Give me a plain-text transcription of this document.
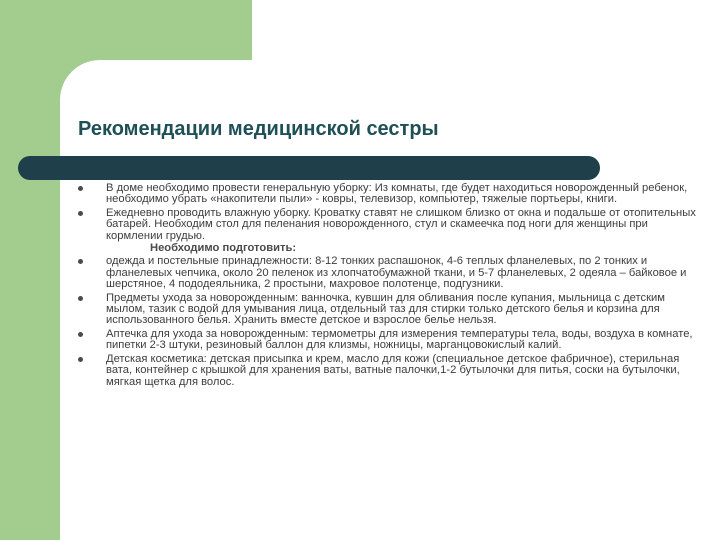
Рекомендации медицинской сестры
В доме необходимо провести генеральную уборку: Из комнаты, где будет находиться новорожденный ребенок, необходимо убрать «накопители пыли» - ковры, телевизор, компьютер, тяжелые портьеры, книги.
Ежедневно проводить влажную уборку. Кроватку ставят не слишком близко от окна и подальше от отопительных батарей. Необходим стол для пеленания новорожденного, стул и скамеечка под ноги для женщины при кормлении грудью.
Необходимо подготовить:
одежда и постельные принадлежности: 8-12 тонких распашонок, 4-6 теплых фланелевых, по 2 тонких и фланелевых чепчика, около 20 пеленок из хлопчатобумажной ткани, и 5-7 фланелевых, 2 одеяла – байковое и шерстяное, 4 пододеяльника, 2 простыни, махровое полотенце, подгузники.
Предметы ухода за новорожденным: ванночка, кувшин для обливания после купания, мыльница с детским мылом, тазик с водой для умывания лица, отдельный таз для стирки только детского белья и корзина для использованного белья. Хранить вместе детское и взрослое белье нельзя.
Аптечка для ухода за новорожденным: термометры для измерения температуры тела, воды, воздуха в комнате, пипетки 2-3 штуки, резиновый баллон для клизмы, ножницы, марганцовокислый калий.
Детская косметика: детская присыпка и крем, масло для кожи (специальное детское фабричное), стерильная вата, контейнер с крышкой для хранения ваты, ватные палочки,1-2 бутылочки для питья, соски на бутылочки, мягкая щетка для волос.
